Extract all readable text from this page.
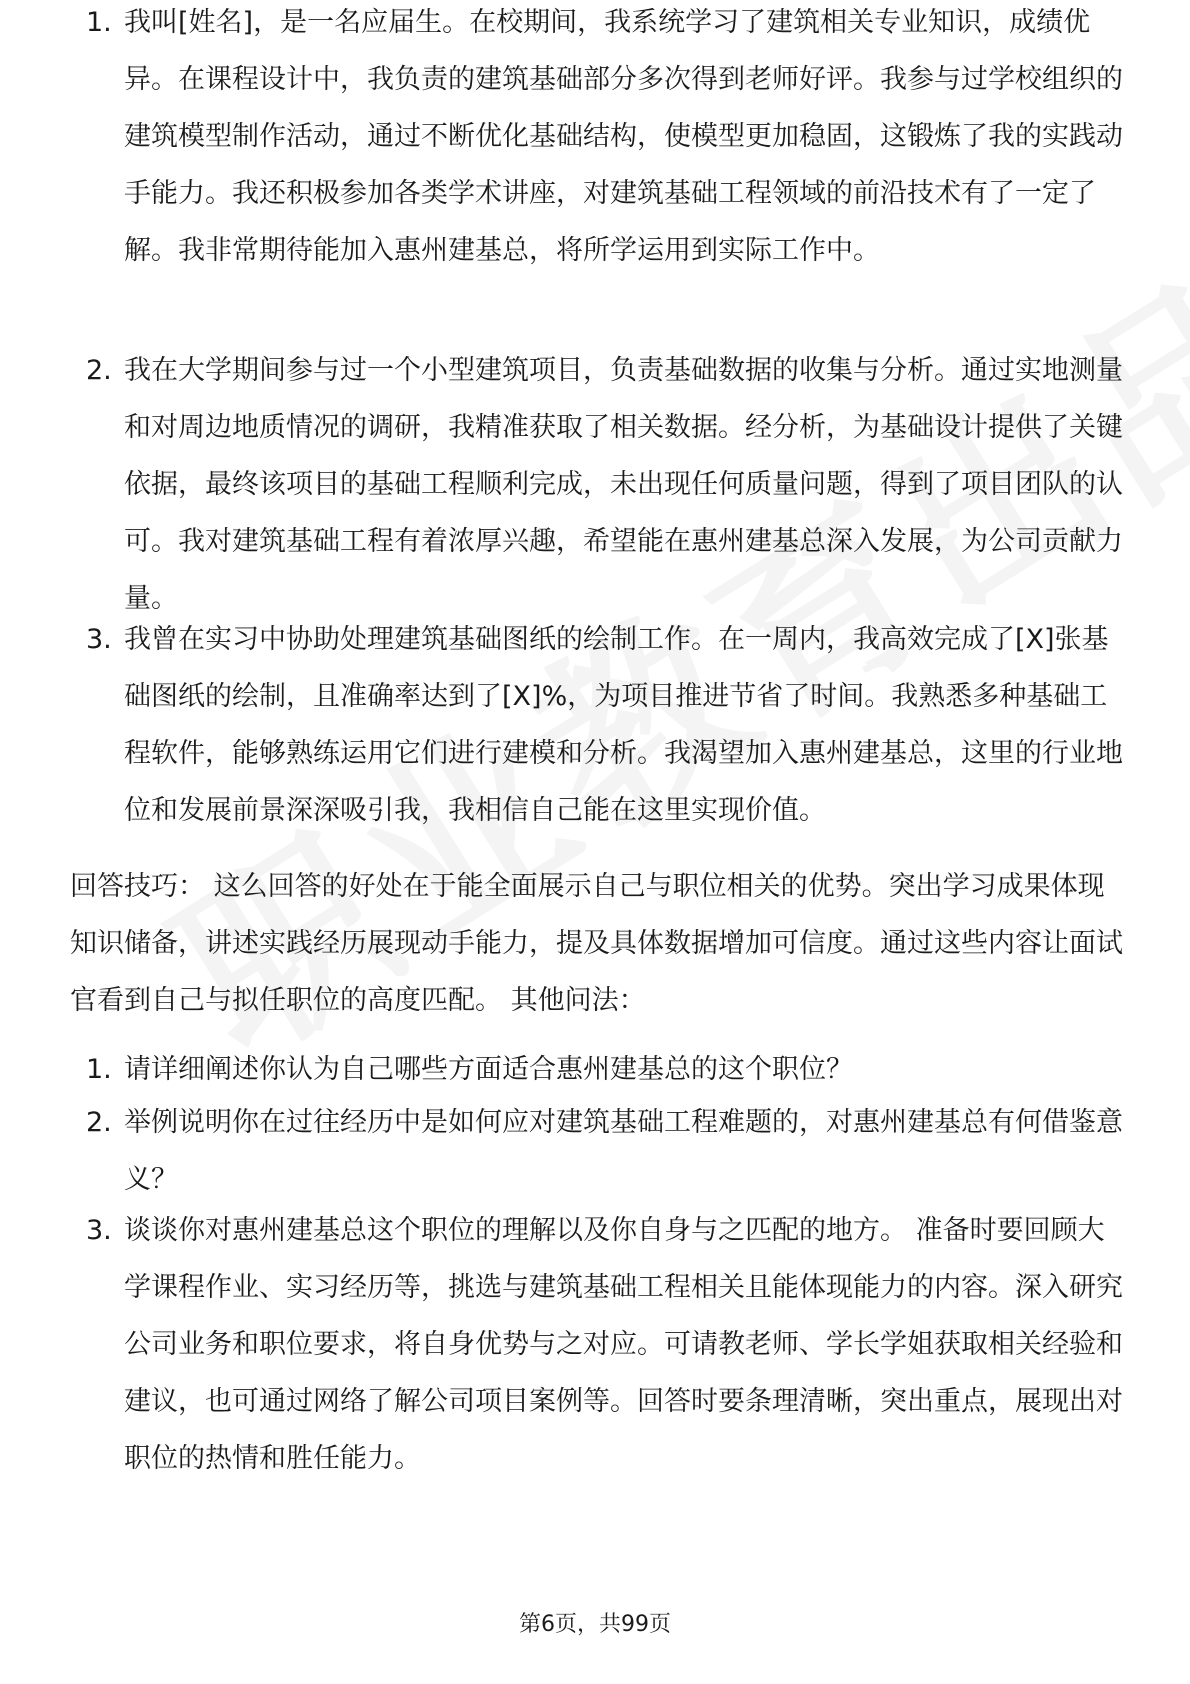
1. 我叫[姓名]，是一名应届生。在校期间，我系统学习了建筑相关专业知识，成绩优异。在课程设计中，我负责的建筑基础部分多次得到老师好评。我参与过学校组织的建筑模型制作活动，通过不断优化基础结构，使模型更加稳固，这锻炼了我的实践动手能力。我还积极参加各类学术讲座，对建筑基础工程领域的前沿技术有了一定了解。我非常期待能加入惠州建基总，将所学运用到实际工作中。
2. 我在大学期间参与过一个小型建筑项目，负责基础数据的收集与分析。通过实地测量和对周边地质情况的调研，我精准获取了相关数据。经分析，为基础设计提供了关键依据，最终该项目的基础工程顺利完成，未出现任何质量问题，得到了项目团队的认可。我对建筑基础工程有着浓厚兴趣，希望能在惠州建基总深入发展，为公司贡献力量。
3. 我曾在实习中协助处理建筑基础图纸的绘制工作。在一周内，我高效完成了[X]张基础图纸的绘制，且准确率达到了[X]%，为项目推进节省了时间。我熟悉多种基础工程软件，能够熟练运用它们进行建模和分析。我渴望加入惠州建基总，这里的行业地位和发展前景深深吸引我，我相信自己能在这里实现价值。
回答技巧： 这么回答的好处在于能全面展示自己与职位相关的优势。突出学习成果体现知识储备，讲述实践经历展现动手能力，提及具体数据增加可信度。通过这些内容让面试官看到自己与拟任职位的高度匹配。 其他问法：
1. 请详细阐述你认为自己哪些方面适合惠州建基总的这个职位？
2. 举例说明你在过往经历中是如何应对建筑基础工程难题的，对惠州建基总有何借鉴意义？
3. 谈谈你对惠州建基总这个职位的理解以及你自身与之匹配的地方。 准备时要回顾大学课程作业、实习经历等，挑选与建筑基础工程相关且能体现能力的内容。深入研究公司业务和职位要求，将自身优势与之对应。可请教老师、学长学姐获取相关经验和建议，也可通过网络了解公司项目案例等。回答时要条理清晰，突出重点，展现出对职位的热情和胜任能力。
第6页，共99页
